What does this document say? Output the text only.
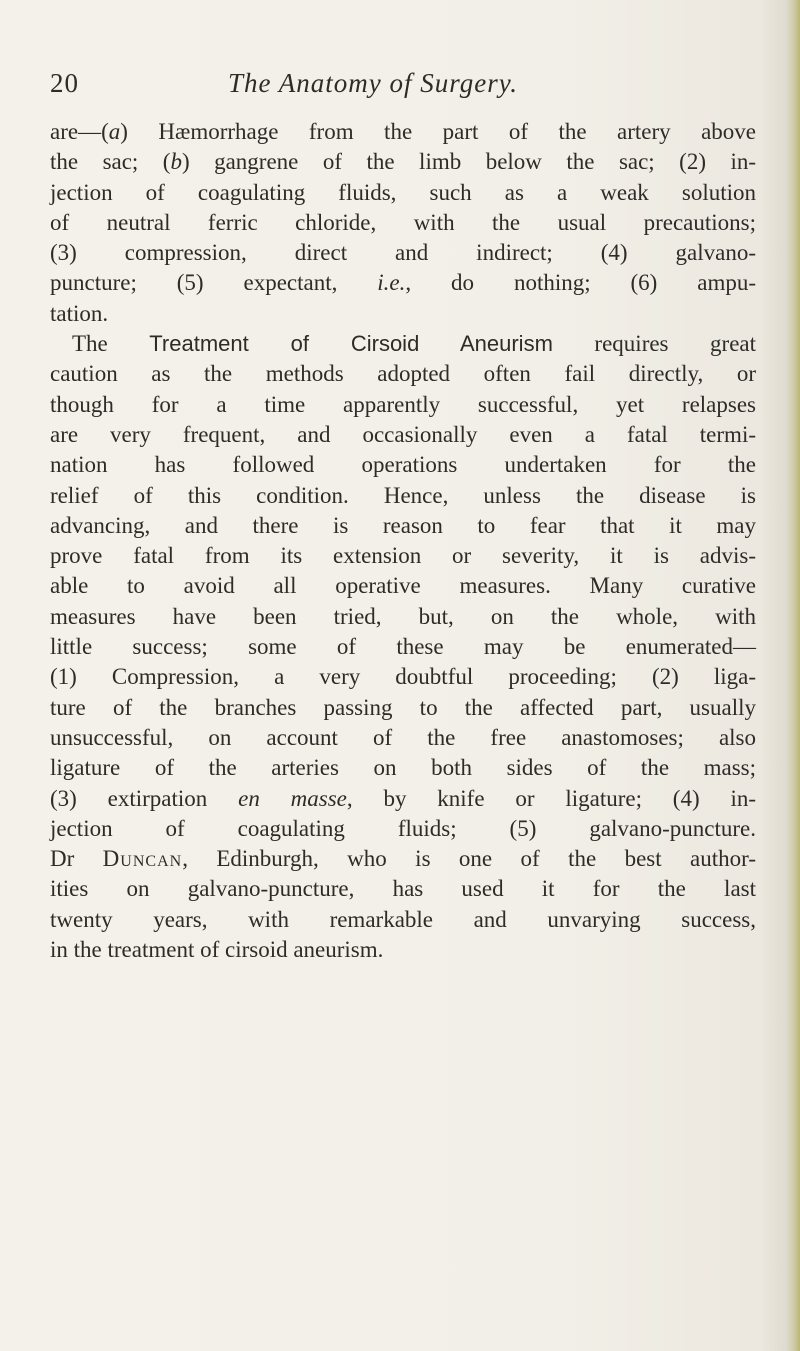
20	The Anatomy of Surgery.
are—(a) Hæmorrhage from the part of the artery above
the sac; (b) gangrene of the limb below the sac; (2) in-
jection of coagulating fluids, such as a weak solution
of neutral ferric chloride, with the usual precautions;
(3) compression, direct and indirect; (4) galvano-
puncture; (5) expectant, i.e., do nothing; (6) ampu-
tation.
The Treatment of Cirsoid Aneurism requires great
caution as the methods adopted often fail directly, or
though for a time apparently successful, yet relapses
are very frequent, and occasionally even a fatal termi-
nation has followed operations undertaken for the
relief of this condition. Hence, unless the disease is
advancing, and there is reason to fear that it may
prove fatal from its extension or severity, it is advis-
able to avoid all operative measures. Many curative
measures have been tried, but, on the whole, with
little success; some of these may be enumerated—
(1) Compression, a very doubtful proceeding; (2) liga-
ture of the branches passing to the affected part, usually
unsuccessful, on account of the free anastomoses; also
ligature of the arteries on both sides of the mass;
(3) extirpation en masse, by knife or ligature; (4) in-
jection of coagulating fluids; (5) galvano-puncture.
Dr Duncan, Edinburgh, who is one of the best author-
ities on galvano-puncture, has used it for the last
twenty years, with remarkable and unvarying success,
in the treatment of cirsoid aneurism.
